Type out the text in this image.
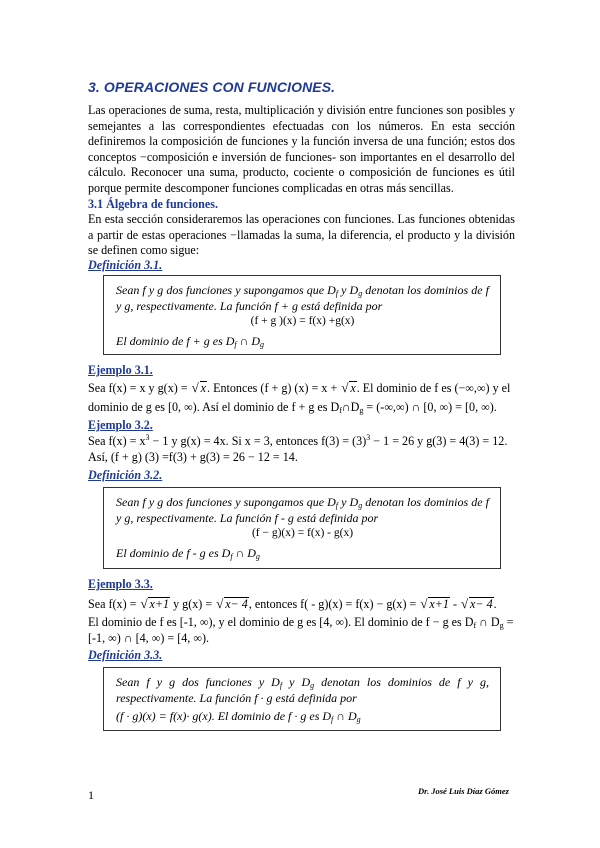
3. OPERACIONES CON FUNCIONES.
Las operaciones de suma, resta, multiplicación y división entre funciones son posibles y semejantes a las correspondientes efectuadas con los números. En esta sección definiremos la composición de funciones y la función inversa de una función; estos dos conceptos −composición e inversión de funciones- son importantes en el desarrollo del cálculo. Reconocer una suma, producto, cociente o composición de funciones es útil porque permite descomponer funciones complicadas en otras más sencillas.
3.1 Álgebra de funciones.
En esta sección consideraremos las operaciones con funciones. Las funciones obtenidas a partir de estas operaciones −llamadas la suma, la diferencia, el producto y la división se definen como sigue:
Definición 3.1.
Sean f y g dos funciones y supongamos que $D_f$ y $D_g$ denotan los dominios de f y g, respectivamente. La función f + g está definida por
(f + g )(x) = f(x) +g(x)
El dominio de f + g es $D_f$ ∩ $D_g$
Ejemplo 3.1.
Sea f(x) = x y g(x) = √ x. Entonces (f + g) (x) = x + √ x. El dominio de f es (−∞,∞) y el
dominio de g es [0, ∞). Así el dominio de f + g es $D_f\cap D_g$ = (-∞,∞) ∩ [0, ∞) = [0, ∞).
Ejemplo 3.2.
Sea $f(x) = x^3 - 1$ y g(x) = 4x. Si x = 3, entonces $f(3) = (3)^3 - 1 = 26$ y g(3) = 4(3) = 12.
Así, (f + g) (3) =f(3) + g(3) = 26 − 12 = 14.
Definición 3.2.
Sean f y g dos funciones y supongamos que $D_f$ y $D_g$ denotan los dominios de f y g, respectivamente. La función f - g está definida por
(f − g)(x) = f(x) - g(x)
El dominio de f - g es $D_f$ ∩ $D_g$
Ejemplo 3.3.
Sea f(x) = √ x+1 y g(x) = √ x− 4, entonces f( - g)(x) = f(x) − g(x) = √ x+1 - √ x− 4.
El dominio de f es [-1, ∞), y el dominio de g es [4, ∞). El dominio de f − g es $D_f$ ∩ $D_g$ =
[-1, ∞) ∩ [4, ∞) = [4, ∞).
Definición 3.3.
Sean f y g dos funciones y $D_f$ y $D_g$ denotan los dominios de f y g, respectivamente. La función f · g está definida por
(f · g)(x) = f(x)· g(x). El dominio de f · g es $D_f$ ∩ $D_g$
1	Dr. José Luis Díaz Gómez
